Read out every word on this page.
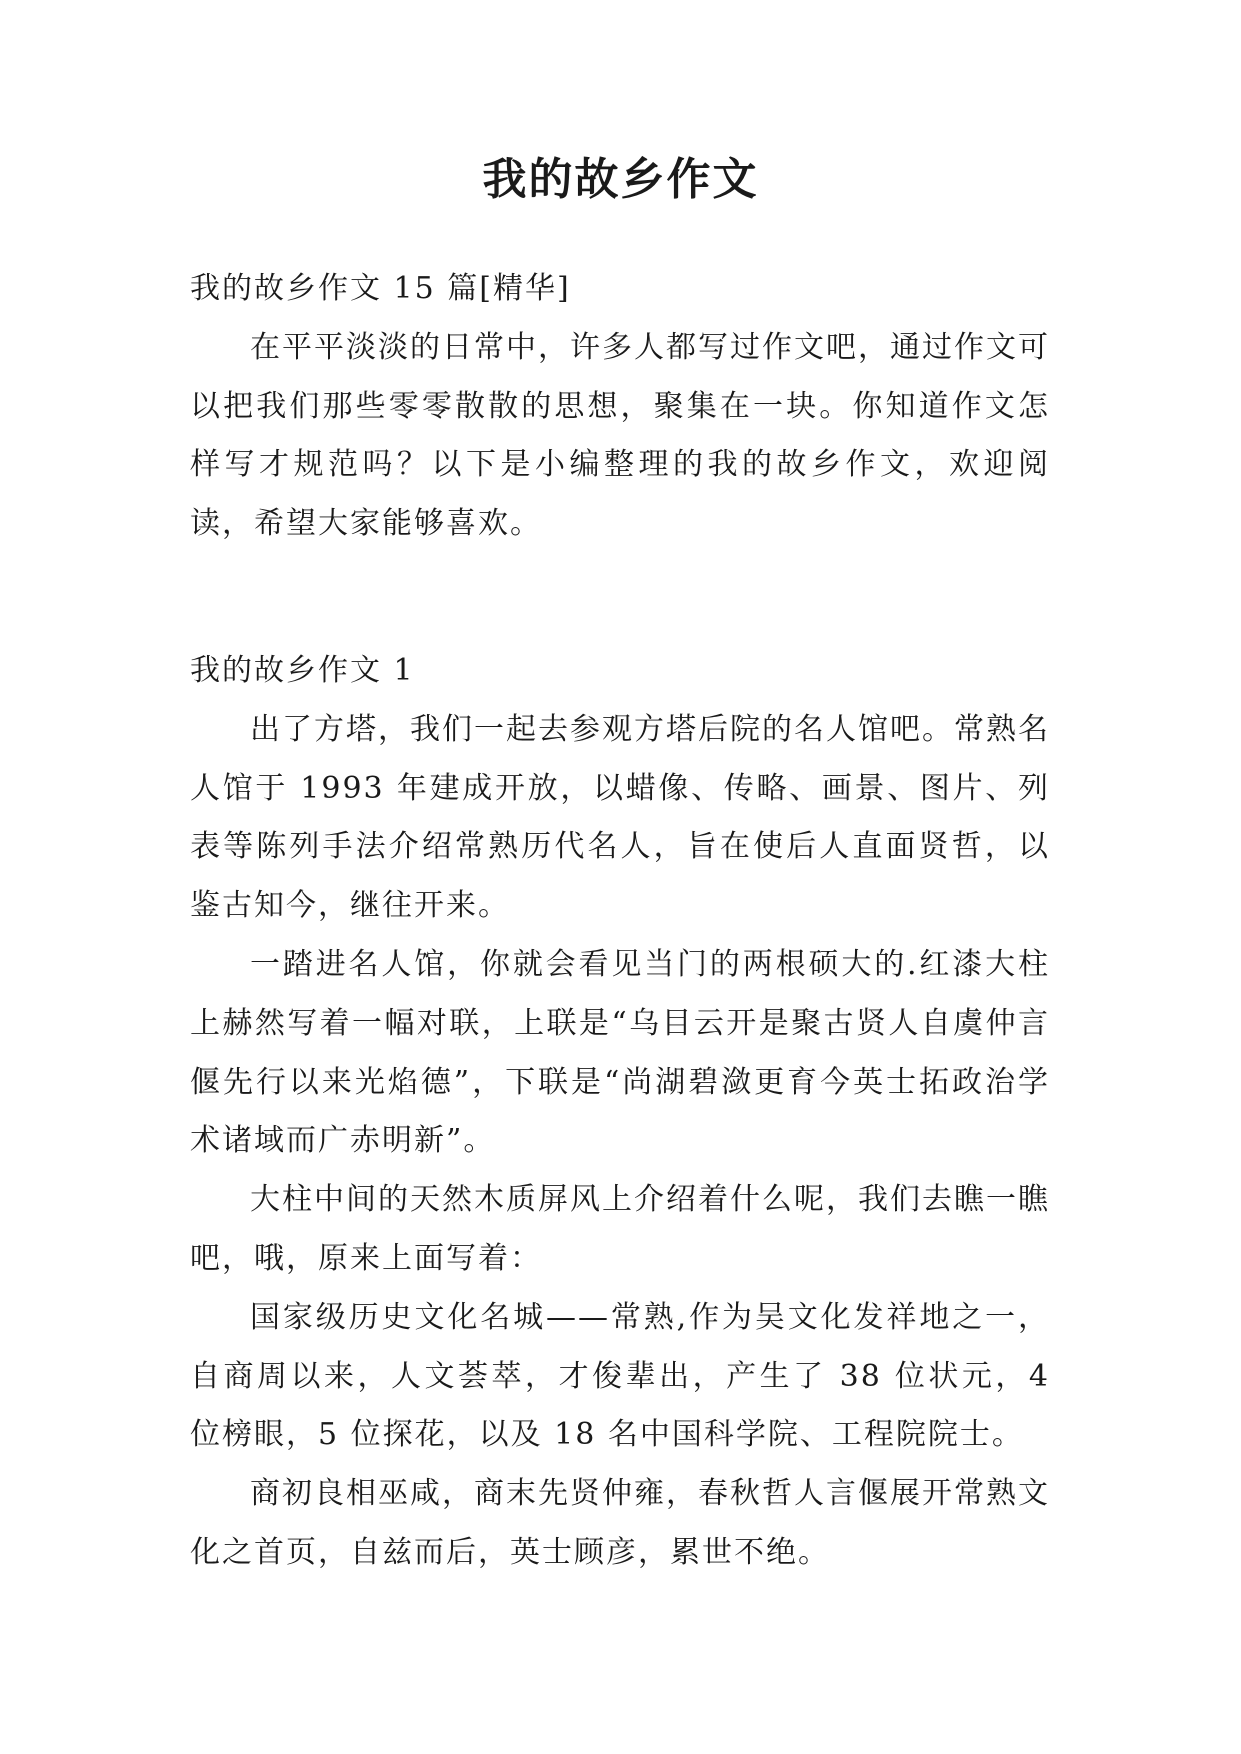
我的故乡作文

我的故乡作文 15 篇[精华]

在平平淡淡的日常中，许多人都写过作文吧，通过作文可以把我们那些零零散散的思想，聚集在一块。你知道作文怎样写才规范吗？以下是小编整理的我的故乡作文，欢迎阅读，希望大家能够喜欢。

我的故乡作文 1

出了方塔，我们一起去参观方塔后院的名人馆吧。常熟名人馆于 1993 年建成开放，以蜡像、传略、画景、图片、列表等陈列手法介绍常熟历代名人，旨在使后人直面贤哲，以鉴古知今，继往开来。

一踏进名人馆，你就会看见当门的两根硕大的.红漆大柱上赫然写着一幅对联，上联是“乌目云开是聚古贤人自虞仲言偃先行以来光焰德”，下联是“尚湖碧潋更育今英士拓政治学术诸域而广赤明新”。

大柱中间的天然木质屏风上介绍着什么呢，我们去瞧一瞧吧，哦，原来上面写着：

国家级历史文化名城——常熟,作为吴文化发祥地之一，自商周以来，人文荟萃，才俊辈出，产生了 38 位状元，4 位榜眼，5 位探花，以及 18 名中国科学院、工程院院士。

商初良相巫咸，商末先贤仲雍，春秋哲人言偃展开常熟文化之首页，自兹而后，英士顾彦，累世不绝。
